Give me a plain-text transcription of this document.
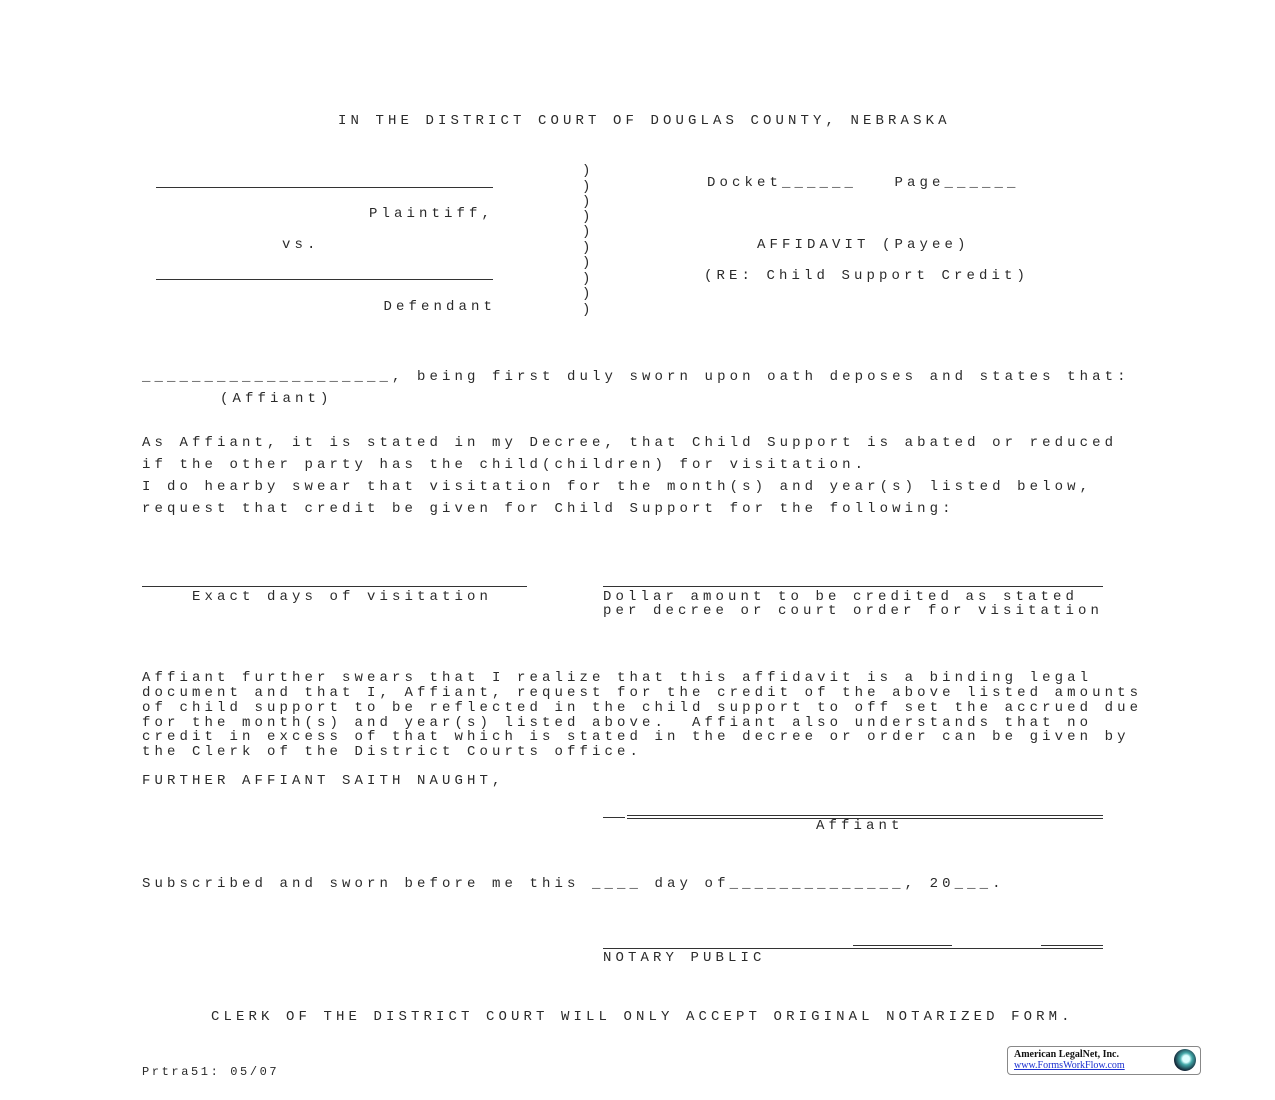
IN THE DISTRICT COURT OF DOUGLAS COUNTY, NEBRASKA
Plaintiff,
vs.
Defendant
)
)
)
)
)
)
)
)
)
)
Docket______   Page______
AFFIDAVIT (Payee)
(RE: Child Support Credit)
____________________, being first duly sworn upon oath deposes and states that:
(Affiant)
As Affiant, it is stated in my Decree, that Child Support is abated or reduced
if the other party has the child(children) for visitation.
I do hearby swear that visitation for the month(s) and year(s) listed below,
request that credit be given for Child Support for the following:
Exact days of visitation	Dollar amount to be credited as stated
per decree or court order for visitation
Affiant further swears that I realize that this affidavit is a binding legal
document and that I, Affiant, request for the credit of the above listed amounts
of child support to be reflected in the child support to off set the accrued due
for the month(s) and year(s) listed above.  Affiant also understands that no
credit in excess of that which is stated in the decree or order can be given by
the Clerk of the District Courts office.
FURTHER AFFIANT SAITH NAUGHT,
Affiant
Subscribed and sworn before me this ____ day of______________, 20___.
NOTARY PUBLIC
CLERK OF THE DISTRICT COURT WILL ONLY ACCEPT ORIGINAL NOTARIZED FORM.
Prtra51: 05/07
American LegalNet, Inc.
www.FormsWorkFlow.com
